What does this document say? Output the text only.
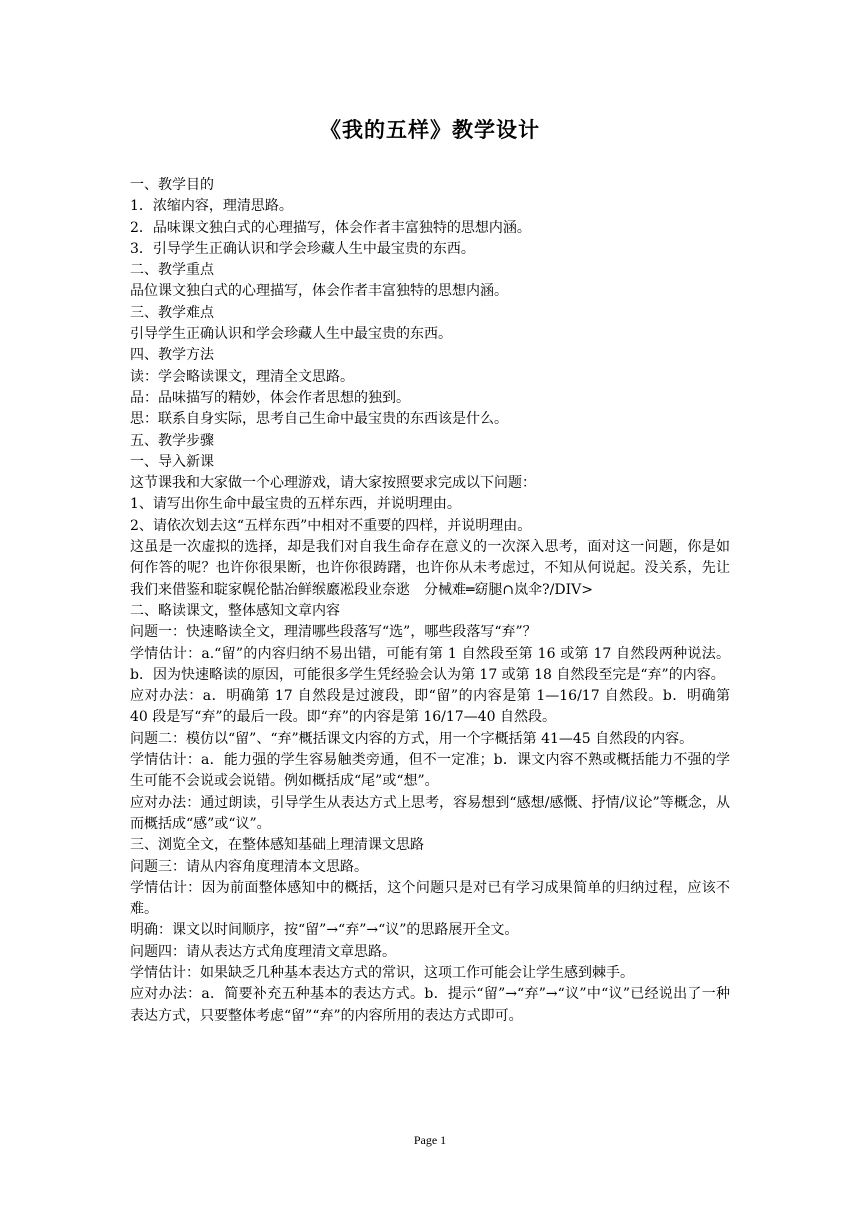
《我的五样》教学设计

一、教学目的

1．浓缩内容，理清思路。

2．品味课文独白式的心理描写，体会作者丰富独特的思想内涵。

3．引导学生正确认识和学会珍藏人生中最宝贵的东西。

二、教学重点

品位课文独白式的心理描写，体会作者丰富独特的思想内涵。

三、教学难点

引导学生正确认识和学会珍藏人生中最宝贵的东西。

四、教学方法

读：学会略读课文，理清全文思路。

品：品味描写的精妙，体会作者思想的独到。

思：联系自身实际，思考自己生命中最宝贵的东西该是什么。

五、教学步骤

一、导入新课

这节课我和大家做一个心理游戏，请大家按照要求完成以下问题：

1、请写出你生命中最宝贵的五样东西，并说明理由。

2、请依次划去这“五样东西”中相对不重要的四样，并说明理由。

这虽是一次虚拟的选择，却是我们对自我生命存在意义的一次深入思考，面对这一问题，你是如何作答的呢？也许你很果断，也许你很踌躇，也许你从未考虑过，不知从何说起。没关系，先让我们来借鉴和聢家幌伦骷冶鲜缑黀凇段业奈逖　分械难═窈腿∩岚伞?/DIV>

二、略读课文，整体感知文章内容

问题一：快速略读全文，理清哪些段落写“选”，哪些段落写“弃”？

学情估计：a.“留”的内容归纳不易出错，可能有第 1 自然段至第 16 或第 17 自然段两种说法。b．因为快速略读的原因，可能很多学生凭经验会认为第 17 或第 18 自然段至完是“弃”的内容。

应对办法：a．明确第 17 自然段是过渡段，即“留”的内容是第 1—16/17 自然段。b．明确第 40 段是写“弃”的最后一段。即“弃”的内容是第 16/17—40 自然段。

问题二：模仿以“留”、“弃”概括课文内容的方式，用一个字概括第 41—45 自然段的内容。

学情估计：a．能力强的学生容易触类旁通，但不一定准；b．课文内容不熟或概括能力不强的学生可能不会说或会说错。例如概括成“尾”或“想”。

应对办法：通过朗读，引导学生从表达方式上思考，容易想到“感想/感慨、抒情/议论”等概念，从而概括成“感”或“议”。

三、浏览全文，在整体感知基础上理清课文思路

问题三：请从内容角度理清本文思路。

学情估计：因为前面整体感知中的概括，这个问题只是对已有学习成果简单的归纳过程，应该不难。

明确：课文以时间顺序，按“留”→“弃”→“议”的思路展开全文。

问题四：请从表达方式角度理清文章思路。

学情估计：如果缺乏几种基本表达方式的常识，这项工作可能会让学生感到棘手。

应对办法：a．简要补充五种基本的表达方式。b．提示“留”→“弃”→“议”中“议”已经说出了一种表达方式，只要整体考虑“留”“弃”的内容所用的表达方式即可。

Page 1
